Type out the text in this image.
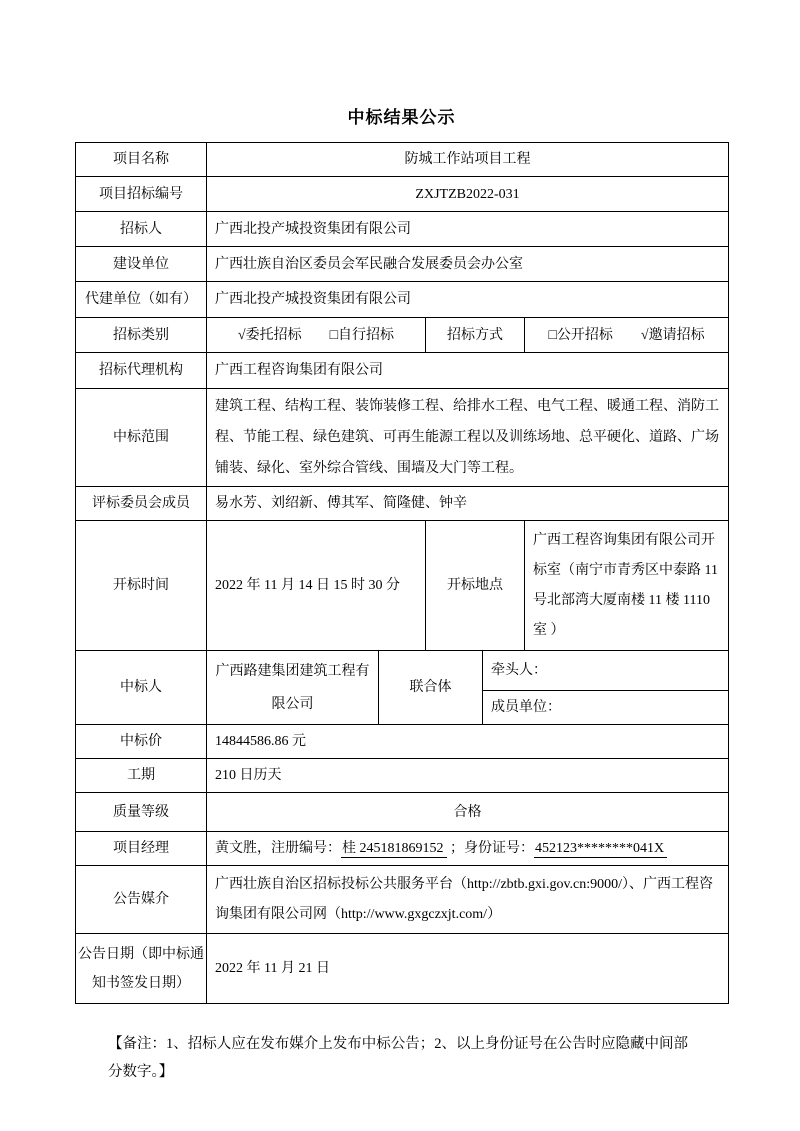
中标结果公示
项目名称	防城工作站项目工程				
项目招标编号	ZXJTZB2022-031				
招标人	广西北投产城投资集团有限公司				
建设单位	广西壮族自治区委员会军民融合发展委员会办公室				
代建单位（如有）	广西北投产城投资集团有限公司				
招标类别	√委托招标　　□自行招标		招标方式		□公开招标　　√邀请招标
招标代理机构	广西工程咨询集团有限公司				
中标范围	建筑工程、结构工程、装饰装修工程、给排水工程、电气工程、暖通工程、消防工程、节能工程、绿色建筑、可再生能源工程以及训练场地、总平硬化、道路、广场铺装、绿化、室外综合管线、围墙及大门等工程。				
评标委员会成员	易水芳、刘绍新、傅其军、简隆健、钟辛				
开标时间	2022 年 11 月 14 日 15 时 30 分		开标地点		广西工程咨询集团有限公司开标室（南宁市青秀区中泰路 11 号北部湾大厦南楼 11 楼 1110 室 ）
中标人	广西路建集团建筑工程有限公司	联合体		牵头人：	
				成员单位：	
中标价	14844586.86 元				
工期	210 日历天				
质量等级	合格				
项目经理	黄文胜，注册编号：桂 245181869152 ；身份证号：452123********041X				
公告媒介	广西壮族自治区招标投标公共服务平台（http://zbtb.gxi.gov.cn:9000/）、广西工程咨询集团有限公司网（http://www.gxgczxjt.com/）				
公告日期（即中标通知书签发日期）	2022 年 11 月 21 日				

【备注：1、招标人应在发布媒介上发布中标公告；2、以上身份证号在公告时应隐藏中间部分数字。】
